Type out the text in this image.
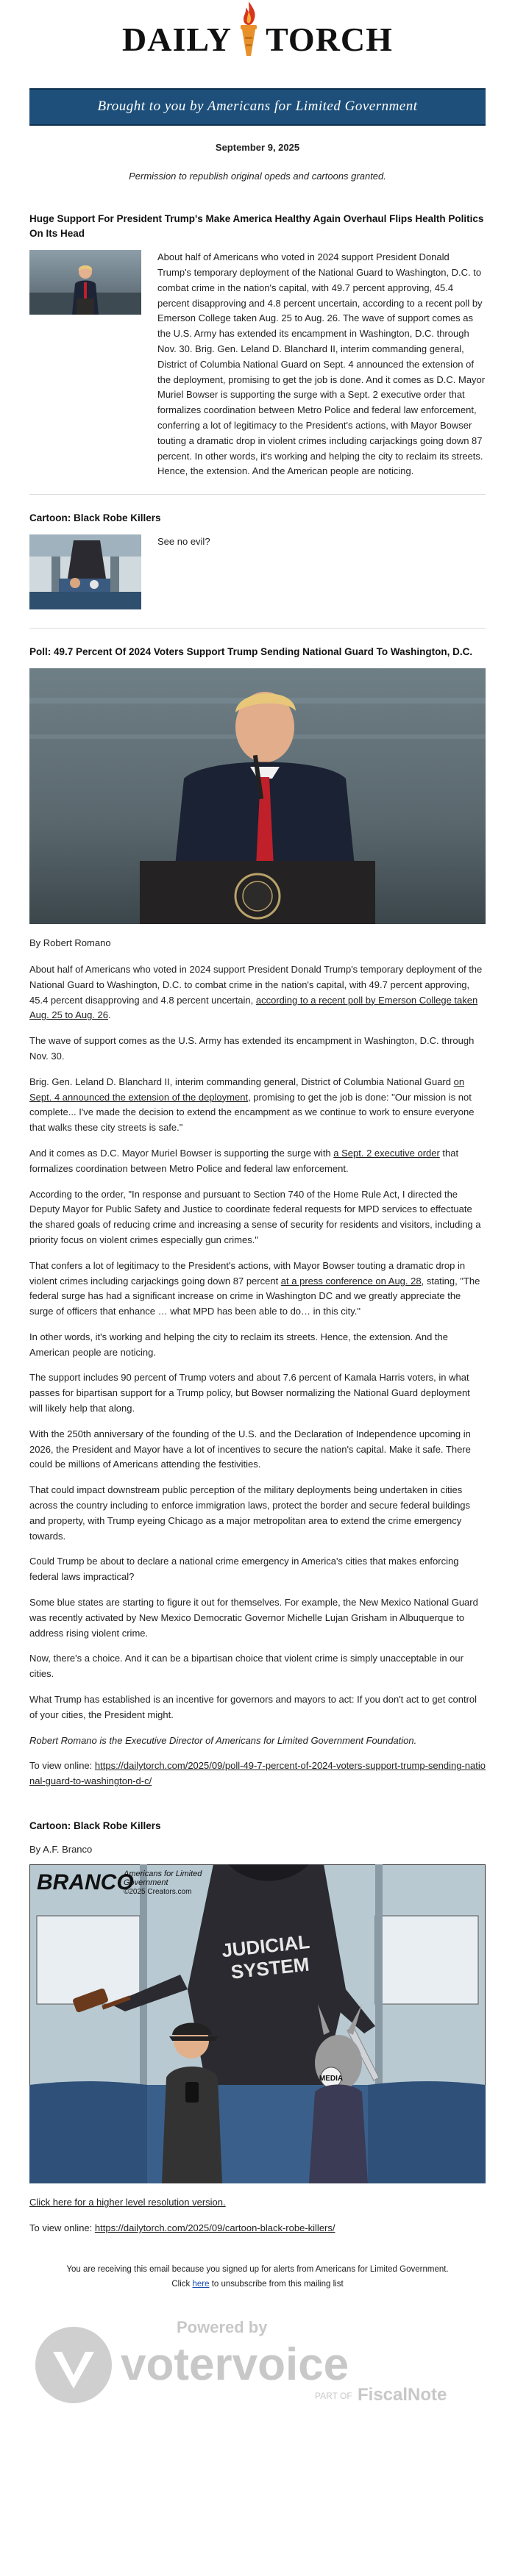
DAILY TORCH
Brought to you by Americans for Limited Government
September 9, 2025
Permission to republish original opeds and cartoons granted.
Huge Support For President Trump's Make America Healthy Again Overhaul Flips Health Politics On Its Head
About half of Americans who voted in 2024 support President Donald Trump's temporary deployment of the National Guard to Washington, D.C. to combat crime in the nation's capital, with 49.7 percent approving, 45.4 percent disapproving and 4.8 percent uncertain, according to a recent poll by Emerson College taken Aug. 25 to Aug. 26. The wave of support comes as the U.S. Army has extended its encampment in Washington, D.C. through Nov. 30. Brig. Gen. Leland D. Blanchard II, interim commanding general, District of Columbia National Guard on Sept. 4 announced the extension of the deployment, promising to get the job is done. And it comes as D.C. Mayor Muriel Bowser is supporting the surge with a Sept. 2 executive order that formalizes coordination between Metro Police and federal law enforcement, conferring a lot of legitimacy to the President's actions, with Mayor Bowser touting a dramatic drop in violent crimes including carjackings going down 87 percent. In other words, it's working and helping the city to reclaim its streets. Hence, the extension. And the American people are noticing.
Cartoon: Black Robe Killers
See no evil?
Poll: 49.7 Percent Of 2024 Voters Support Trump Sending National Guard To Washington, D.C.
By Robert Romano

About half of Americans who voted in 2024 support President Donald Trump's temporary deployment of the National Guard to Washington, D.C. to combat crime in the nation's capital, with 49.7 percent approving, 45.4 percent disapproving and 4.8 percent uncertain, according to a recent poll by Emerson College taken Aug. 25 to Aug. 26.

The wave of support comes as the U.S. Army has extended its encampment in Washington, D.C. through Nov. 30.

Brig. Gen. Leland D. Blanchard II, interim commanding general, District of Columbia National Guard on Sept. 4 announced the extension of the deployment, promising to get the job is done: "Our mission is not complete... I've made the decision to extend the encampment as we continue to work to ensure everyone that walks these city streets is safe."

And it comes as D.C. Mayor Muriel Bowser is supporting the surge with a Sept. 2 executive order that formalizes coordination between Metro Police and federal law enforcement.

According to the order, "In response and pursuant to Section 740 of the Home Rule Act, I directed the Deputy Mayor for Public Safety and Justice to coordinate federal requests for MPD services to effectuate the shared goals of reducing crime and increasing a sense of security for residents and visitors, including a priority focus on violent crimes especially gun crimes."

That confers a lot of legitimacy to the President's actions, with Mayor Bowser touting a dramatic drop in violent crimes including carjackings going down 87 percent at a press conference on Aug. 28, stating, "The federal surge has had a significant increase on crime in Washington DC and we greatly appreciate the surge of officers that enhance … what MPD has been able to do… in this city."

In other words, it's working and helping the city to reclaim its streets. Hence, the extension. And the American people are noticing.

The support includes 90 percent of Trump voters and about 7.6 percent of Kamala Harris voters, in what passes for bipartisan support for a Trump policy, but Bowser normalizing the National Guard deployment will likely help that along.

With the 250th anniversary of the founding of the U.S. and the Declaration of Independence upcoming in 2026, the President and Mayor have a lot of incentives to secure the nation's capital. Make it safe. There could be millions of Americans attending the festivities.

That could impact downstream public perception of the military deployments being undertaken in cities across the country including to enforce immigration laws, protect the border and secure federal buildings and property, with Trump eyeing Chicago as a major metropolitan area to extend the crime emergency towards.

Could Trump be about to declare a national crime emergency in America's cities that makes enforcing federal laws impractical?

Some blue states are starting to figure it out for themselves. For example, the New Mexico National Guard was recently activated by New Mexico Democratic Governor Michelle Lujan Grisham in Albuquerque to address rising violent crime.

Now, there's a choice. And it can be a bipartisan choice that violent crime is simply unacceptable in our cities.

What Trump has established is an incentive for governors and mayors to act: If you don't act to get control of your cities, the President might.

Robert Romano is the Executive Director of Americans for Limited Government Foundation.

To view online: https://dailytorch.com/2025/09/poll-49-7-percent-of-2024-voters-support-trump-sending-national-guard-to-washington-d-c/

Cartoon: Black Robe Killers
By A.F. Branco
JUDICIAL
SYSTEM
MEDIA
BRANCO
Americans for Limited
Government
©2025 Creators.com

Click here for a higher level resolution version.

To view online: https://dailytorch.com/2025/09/cartoon-black-robe-killers/

You are receiving this email because you signed up for alerts from Americans for Limited Government.
Click here to unsubscribe from this mailing list
Powered by
votervoice
PART OF FiscalNote
